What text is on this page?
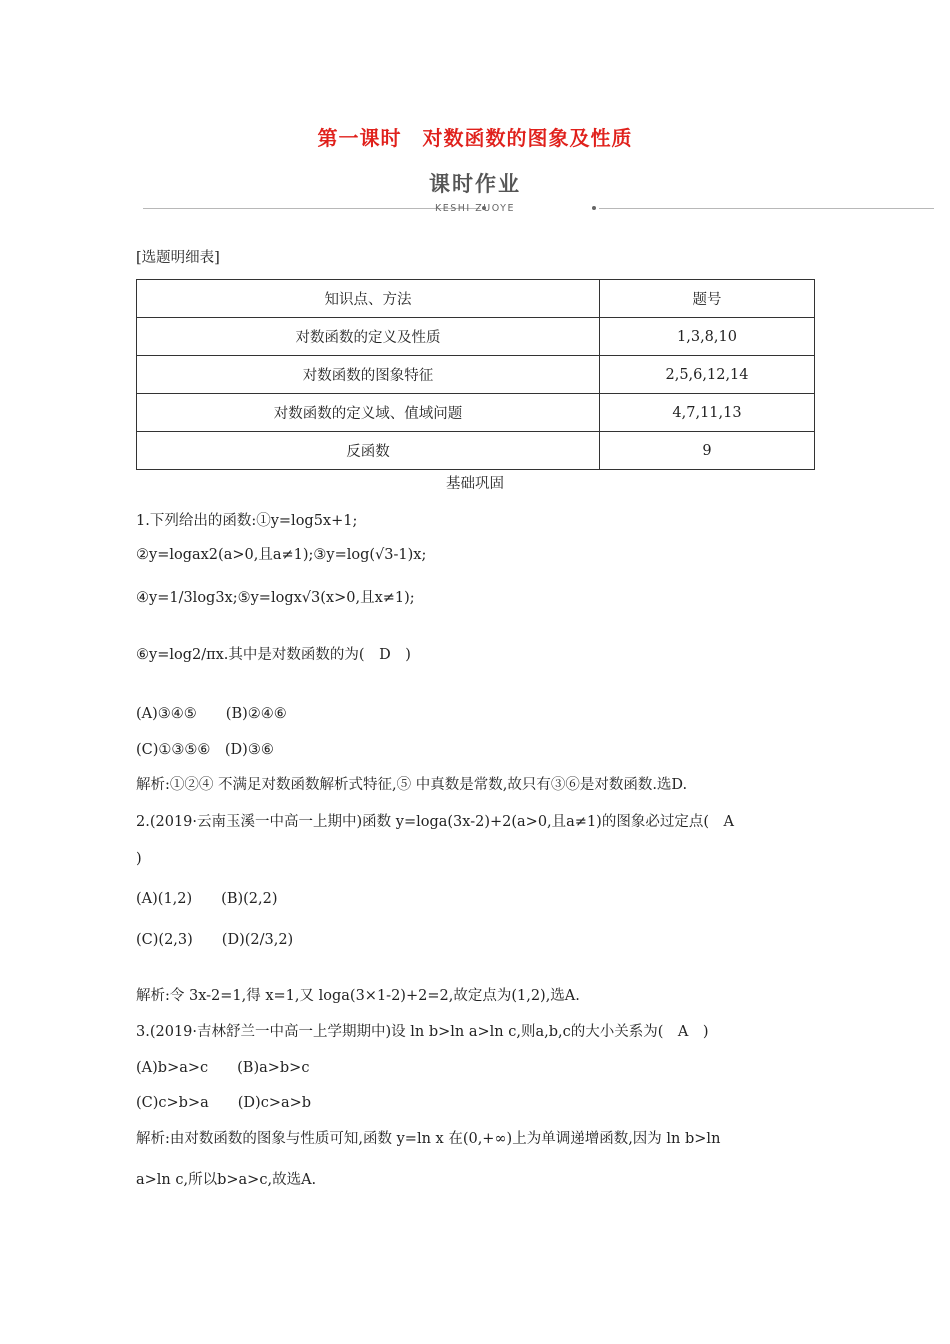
第一课时　对数函数的图象及性质
课时作业
KESHI ZUOYE
[选题明细表]
知识点、方法	题号
对数函数的定义及性质	1,3,8,10
对数函数的图象特征	2,5,6,12,14
对数函数的定义域、值域问题	4,7,11,13
反函数	9
基础巩固
1.下列给出的函数:①y=log5x+1;
②y=logax2(a>0,且a≠1);③y=log(√3-1)x;
④y=1/3log3x;⑤y=logx√3(x>0,且x≠1);
⑥y=log2/πx.其中是对数函数的为(　D　)
(A)③④⑤　　(B)②④⑥
(C)①③⑤⑥　(D)③⑥
解析:①②④ 不满足对数函数解析式特征,⑤ 中真数是常数,故只有③⑥是对数函数.选D.
2.(2019·云南玉溪一中高一上期中)函数 y=loga(3x-2)+2(a>0,且a≠1)的图象必过定点(　A
)
(A)(1,2)　　(B)(2,2)
(C)(2,3)　　(D)(2/3,2)
解析:令 3x-2=1,得 x=1,又 loga(3×1-2)+2=2,故定点为(1,2),选A.
3.(2019·吉林舒兰一中高一上学期期中)设 ln b>ln a>ln c,则a,b,c的大小关系为(　A　)
(A)b>a>c　　(B)a>b>c
(C)c>b>a　　(D)c>a>b
解析:由对数函数的图象与性质可知,函数 y=ln x 在(0,+∞)上为单调递增函数,因为 ln b>ln
a>ln c,所以b>a>c,故选A.
